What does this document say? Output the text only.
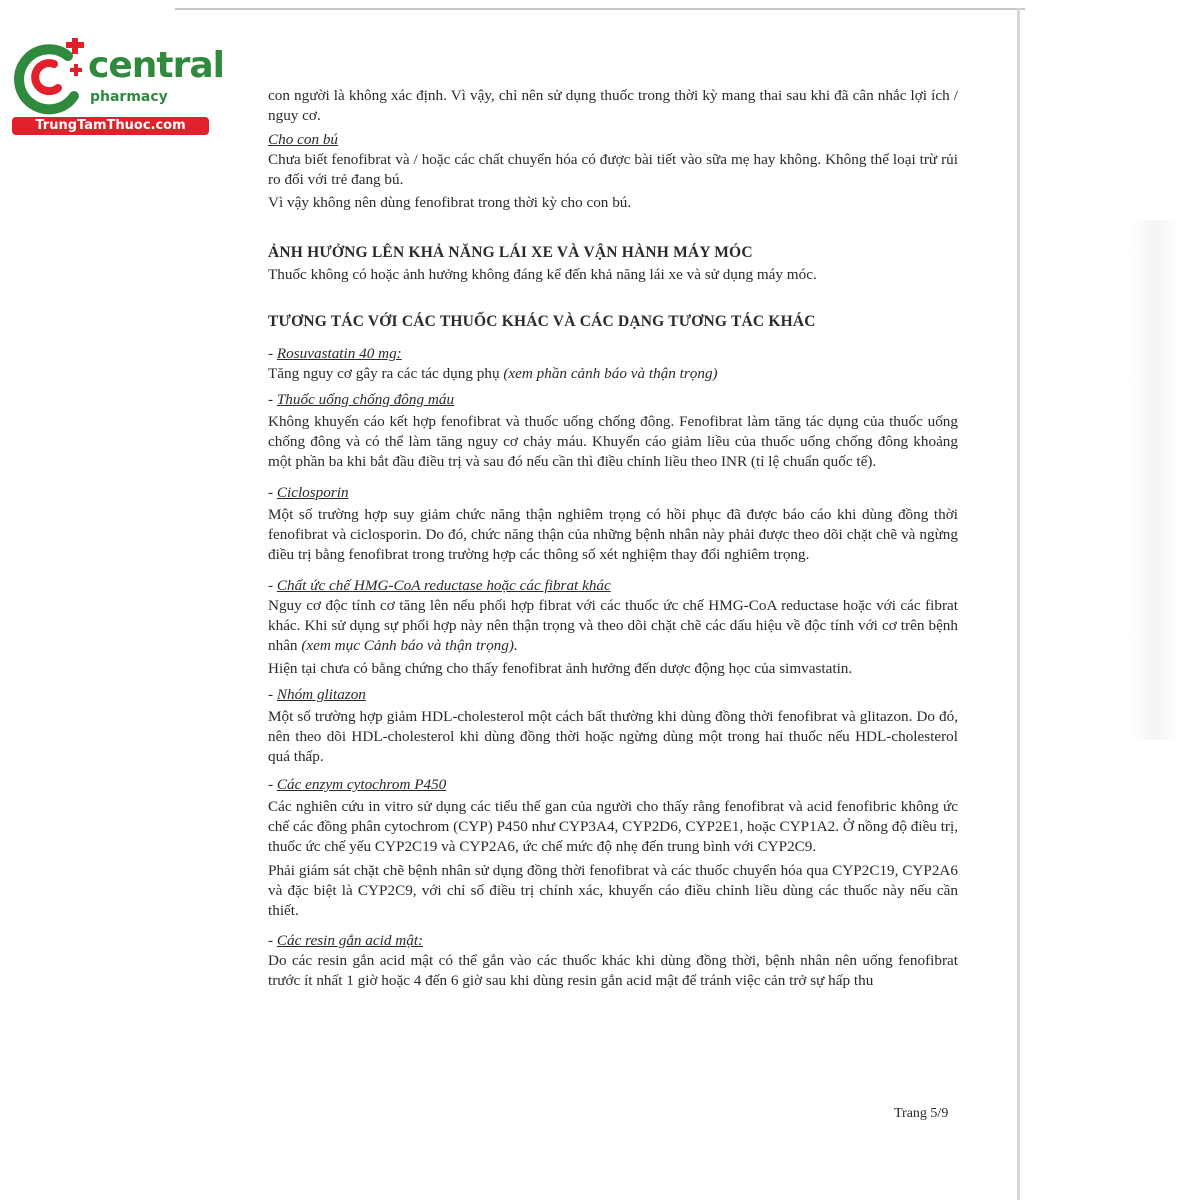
central
pharmacy
TrungTamThuoc.com

con người là không xác định. Vì vậy, chỉ nên sử dụng thuốc trong thời kỳ mang thai sau khi đã cân nhắc lợi ích / nguy cơ.

Cho con bú

Chưa biết fenofibrat và / hoặc các chất chuyển hóa có được bài tiết vào sữa mẹ hay không. Không thể loại trừ rủi ro đối với trẻ đang bú.

Vì vậy không nên dùng fenofibrat trong thời kỳ cho con bú.

ẢNH HƯỞNG LÊN KHẢ NĂNG LÁI XE VÀ VẬN HÀNH MÁY MÓC

Thuốc không có hoặc ảnh hưởng không đáng kể đến khả năng lái xe và sử dụng máy móc.

TƯƠNG TÁC VỚI CÁC THUỐC KHÁC VÀ CÁC DẠNG TƯƠNG TÁC KHÁC

- Rosuvastatin 40 mg:

Tăng nguy cơ gây ra các tác dụng phụ (xem phần cảnh báo và thận trọng)

- Thuốc uống chống đông máu

Không khuyến cáo kết hợp fenofibrat và thuốc uống chống đông. Fenofibrat làm tăng tác dụng của thuốc uống chống đông và có thể làm tăng nguy cơ chảy máu. Khuyến cáo giảm liều của thuốc uống chống đông khoảng một phần ba khi bắt đầu điều trị và sau đó nếu cần thì điều chỉnh liều theo INR (tỉ lệ chuẩn quốc tế).

- Ciclosporin

Một số trường hợp suy giảm chức năng thận nghiêm trọng có hồi phục đã được báo cáo khi dùng đồng thời fenofibrat và ciclosporin. Do đó, chức năng thận của những bệnh nhân này phải được theo dõi chặt chẽ và ngừng điều trị bằng fenofibrat trong trường hợp các thông số xét nghiệm thay đổi nghiêm trọng.

- Chất ức chế HMG-CoA reductase hoặc các fibrat khác

Nguy cơ độc tính cơ tăng lên nếu phối hợp fibrat với các thuốc ức chế HMG-CoA reductase hoặc với các fibrat khác. Khi sử dụng sự phối hợp này nên thận trọng và theo dõi chặt chẽ các dấu hiệu về độc tính với cơ trên bệnh nhân (xem mục Cảnh báo và thận trọng).

Hiện tại chưa có bằng chứng cho thấy fenofibrat ảnh hưởng đến dược động học của simvastatin.

- Nhóm glitazon

Một số trường hợp giảm HDL-cholesterol một cách bất thường khi dùng đồng thời fenofibrat và glitazon. Do đó, nên theo dõi HDL-cholesterol khi dùng đồng thời hoặc ngừng dùng một trong hai thuốc nếu HDL-cholesterol quá thấp.

- Các enzym cytochrom P450

Các nghiên cứu in vitro sử dụng các tiểu thể gan của người cho thấy rằng fenofibrat và acid fenofibric không ức chế các đồng phân cytochrom (CYP) P450 như CYP3A4, CYP2D6, CYP2E1, hoặc CYP1A2. Ở nồng độ điều trị, thuốc ức chế yếu CYP2C19 và CYP2A6, ức chế mức độ nhẹ đến trung bình với CYP2C9.

Phải giám sát chặt chẽ bệnh nhân sử dụng đồng thời fenofibrat và các thuốc chuyển hóa qua CYP2C19, CYP2A6 và đặc biệt là CYP2C9, với chỉ số điều trị chính xác, khuyến cáo điều chỉnh liều dùng các thuốc này nếu cần thiết.

- Các resin gắn acid mật:

Do các resin gắn acid mật có thể gắn vào các thuốc khác khi dùng đồng thời, bệnh nhân nên uống fenofibrat trước ít nhất 1 giờ hoặc 4 đến 6 giờ sau khi dùng resin gắn acid mật để tránh việc cản trở sự hấp thu

Trang 5/9
